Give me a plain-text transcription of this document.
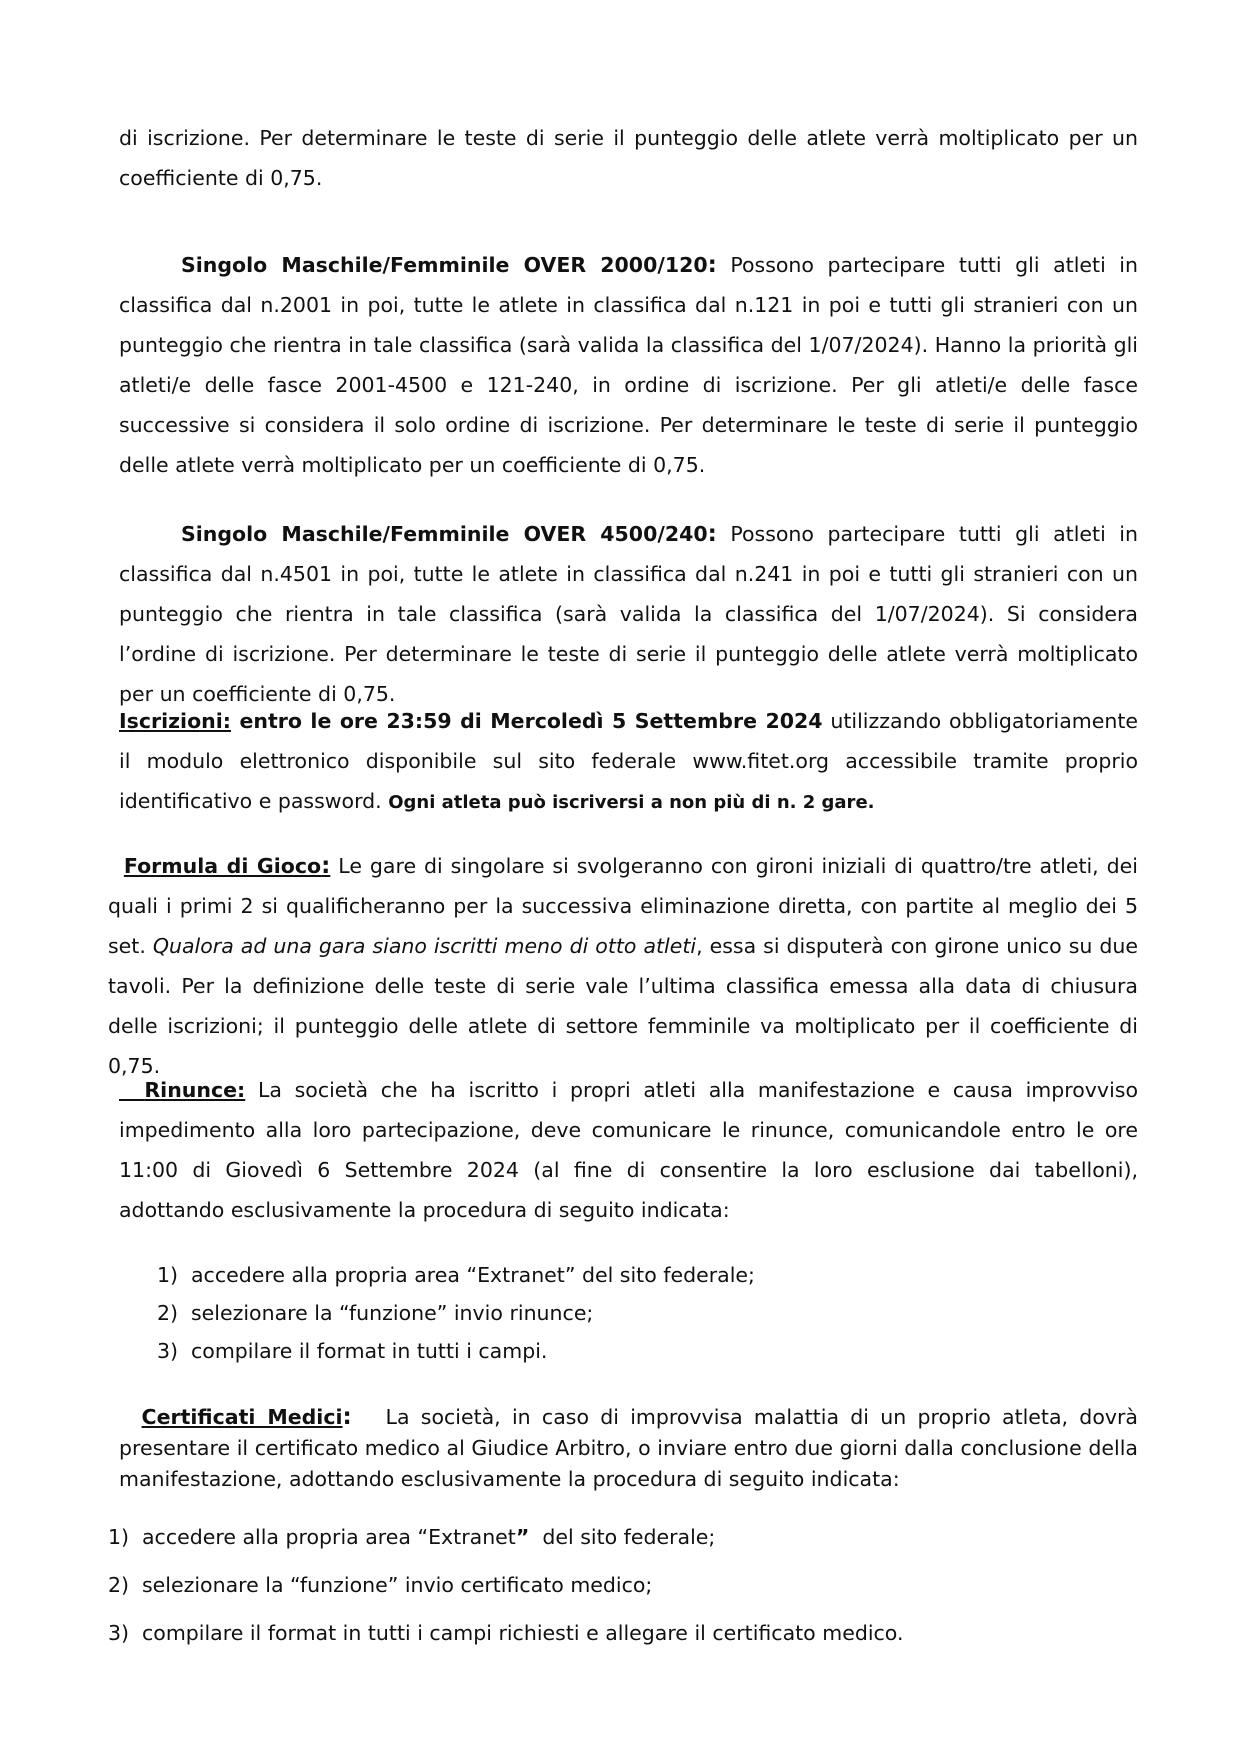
di iscrizione. Per determinare le teste di serie il punteggio delle atlete verrà moltiplicato per un coefficiente di 0,75.

Singolo Maschile/Femminile OVER 2000/120: Possono partecipare tutti gli atleti in classifica dal n.2001 in poi, tutte le atlete in classifica dal n.121 in poi e tutti gli stranieri con un punteggio che rientra in tale classifica (sarà valida la classifica del 1/07/2024). Hanno la priorità gli atleti/e delle fasce 2001-4500 e 121-240, in ordine di iscrizione. Per gli atleti/e delle fasce successive si considera il solo ordine di iscrizione. Per determinare le teste di serie il punteggio delle atlete verrà moltiplicato per un coefficiente di 0,75.

Singolo Maschile/Femminile OVER 4500/240: Possono partecipare tutti gli atleti in classifica dal n.4501 in poi, tutte le atlete in classifica dal n.241 in poi e tutti gli stranieri con un punteggio che rientra in tale classifica (sarà valida la classifica del 1/07/2024). Si considera l’ordine di iscrizione. Per determinare le teste di serie il punteggio delle atlete verrà moltiplicato per un coefficiente di 0,75.

Iscrizioni: entro le ore 23:59 di Mercoledì 5 Settembre 2024 utilizzando obbligatoriamente il modulo elettronico disponibile sul sito federale www.fitet.org accessibile tramite proprio identificativo e password. Ogni atleta può iscriversi a non più di n. 2 gare.

Formula di Gioco: Le gare di singolare si svolgeranno con gironi iniziali di quattro/tre atleti, dei quali i primi 2 si qualificheranno per la successiva eliminazione diretta, con partite al meglio dei 5 set. Qualora ad una gara siano iscritti meno di otto atleti, essa si disputerà con girone unico su due tavoli. Per la definizione delle teste di serie vale l’ultima classifica emessa alla data di chiusura delle iscrizioni; il punteggio delle atlete di settore femminile va moltiplicato per il coefficiente di 0,75.

Rinunce: La società che ha iscritto i propri atleti alla manifestazione e causa improvviso impedimento alla loro partecipazione, deve comunicare le rinunce, comunicandole entro le ore 11:00 di Giovedì 6 Settembre 2024 (al fine di consentire la loro esclusione dai tabelloni), adottando esclusivamente la procedura di seguito indicata:

1) accedere alla propria area “Extranet” del sito federale;
2) selezionare la “funzione” invio rinunce;
3) compilare il format in tutti i campi.

Certificati Medici:   La società, in caso di improvvisa malattia di un proprio atleta, dovrà presentare il certificato medico al Giudice Arbitro, o inviare entro due giorni dalla conclusione della manifestazione, adottando esclusivamente la procedura di seguito indicata:

1) accedere alla propria area “Extranet ” del sito federale;
2) selezionare la “funzione” invio certificato medico;
3) compilare il format in tutti i campi richiesti e allegare il certificato medico.
